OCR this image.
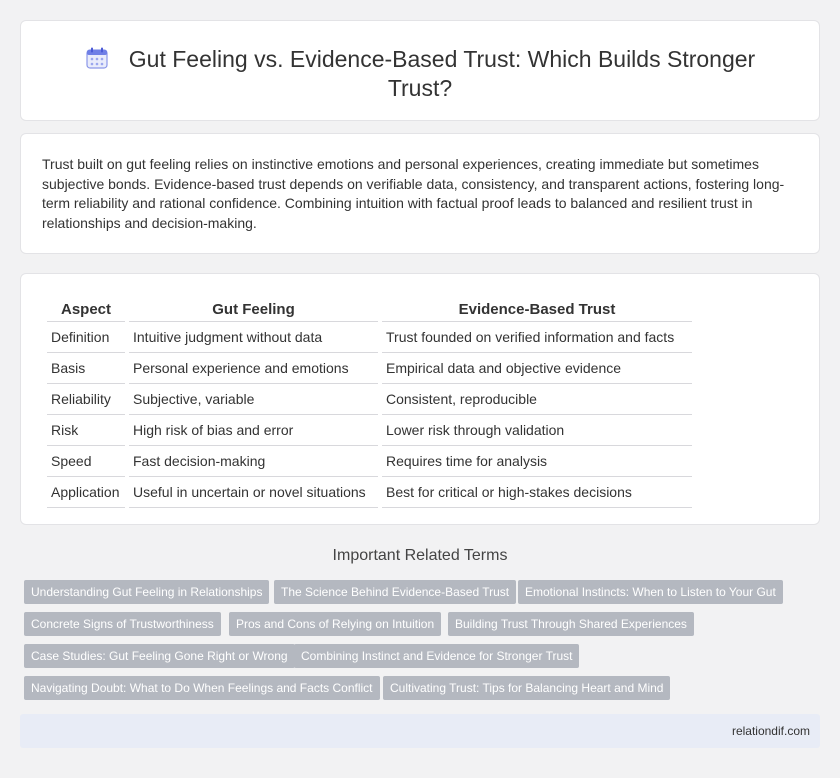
Gut Feeling vs. Evidence-Based Trust: Which Builds Stronger Trust?

Trust built on gut feeling relies on instinctive emotions and personal experiences, creating immediate but sometimes subjective bonds. Evidence-based trust depends on verifiable data, consistency, and transparent actions, fostering long-term reliability and rational confidence. Combining intuition with factual proof leads to balanced and resilient trust in relationships and decision-making.

Aspect	Gut Feeling	Evidence-Based Trust
Definition	Intuitive judgment without data	Trust founded on verified information and facts
Basis	Personal experience and emotions	Empirical data and objective evidence
Reliability	Subjective, variable	Consistent, reproducible
Risk	High risk of bias and error	Lower risk through validation
Speed	Fast decision-making	Requires time for analysis
Application	Useful in uncertain or novel situations	Best for critical or high-stakes decisions
Important Related Terms
Understanding Gut Feeling in Relationships	The Science Behind Evidence-Based Trust	Emotional Instincts: When to Listen to Your Gut
Concrete Signs of Trustworthiness	Pros and Cons of Relying on Intuition	Building Trust Through Shared Experiences
Case Studies: Gut Feeling Gone Right or Wrong	Combining Instinct and Evidence for Stronger Trust
Navigating Doubt: What to Do When Feelings and Facts Conflict	Cultivating Trust: Tips for Balancing Heart and Mind
relationdif.com
